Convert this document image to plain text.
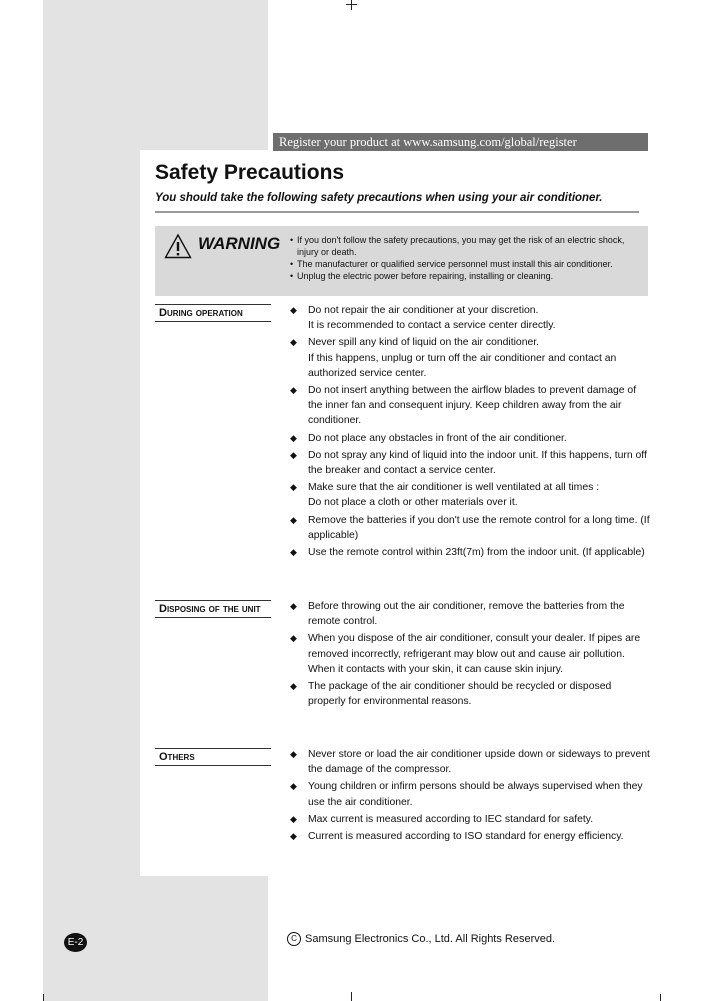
Register your product at www.samsung.com/global/register
Safety Precautions
You should take the following safety precautions when using your air conditioner.
WARNING	• If you don't follow the safety precautions, you may get the risk of an electric shock, injury or death.
• The manufacturer or qualified service personnel must install this air conditioner.
• Unplug the electric power before repairing, installing or cleaning.
During operation	◆ Do not repair the air conditioner at your discretion.
It is recommended to contact a service center directly.
◆ Never spill any kind of liquid on the air conditioner.
If this happens, unplug or turn off the air conditioner and contact an authorized service center.
◆ Do not insert anything between the airflow blades to prevent damage of the inner fan and consequent injury. Keep children away from the air conditioner.
◆ Do not place any obstacles in front of the air conditioner.
◆ Do not spray any kind of liquid into the indoor unit. If this happens, turn off the breaker and contact a service center.
◆ Make sure that the air conditioner is well ventilated at all times :
Do not place a cloth or other materials over it.
◆ Remove the batteries if you don't use the remote control for a long time. (If applicable)
◆ Use the remote control within 23ft(7m) from the indoor unit. (If applicable)
Disposing of the unit	◆ Before throwing out the air conditioner, remove the batteries from the remote control.
◆ When you dispose of the air conditioner, consult your dealer. If pipes are removed incorrectly, refrigerant may blow out and cause air pollution. When it contacts with your skin, it can cause skin injury.
◆ The package of the air conditioner should be recycled or disposed properly for environmental reasons.
Others	◆ Never store or load the air conditioner upside down or sideways to prevent the damage of the compressor.
◆ Young children or infirm persons should be always supervised when they use the air conditioner.
◆ Max current is measured according to IEC standard for safety.
◆ Current is measured according to ISO standard for energy efficiency.
E-2	C Samsung Electronics Co., Ltd. All Rights Reserved.
